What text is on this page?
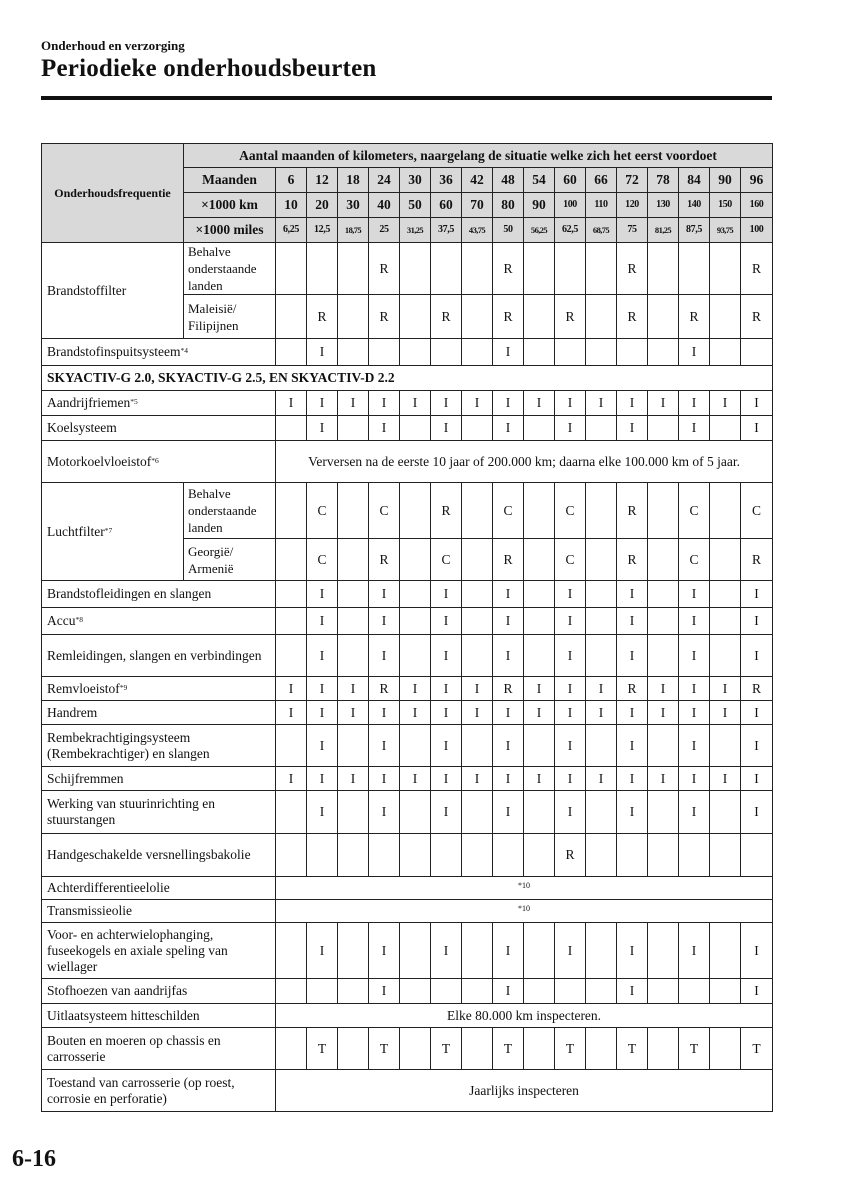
Onderhoud en verzorging
Periodieke onderhoudsbeurten
Onderhoudsfrequentie	Aantal maanden of kilometers, naargelang de situatie welke zich het eerst voordoet																
	Maanden	6	12	18	24	30	36	42	48	54	60	66	72	78	84	90	96
	×1000 km	10	20	30	40	50	60	70	80	90	100	110	120	130	140	150	160
	×1000 miles	6,25	12,5	18,75	25	31,25	37,5	43,75	50	56,25	62,5	68,75	75	81,25	87,5	93,75	100
Brandstoffilter	Behalve onderstaande landen				R				R				R				R
	Maleisië/ Filipijnen		R		R		R		R		R		R		R		R
Brandstofinspuitsysteem$^{*4}$			I						I						I		
SKYACTIV-G 2.0, SKYACTIV-G 2.5, EN SKYACTIV-D 2.2																	
Aandrijfriemen$^{*5}$		I	I	I	I	I	I	I	I	I	I	I	I	I	I	I	I
Koelsysteem			I		I		I		I		I		I		I		I
Motorkoelvloeistof$^{*6}$		Verversen na de eerste 10 jaar of 200.000 km; daarna elke 100.000 km of 5 jaar.															
Luchtfilter$^{*7}$	Behalve onderstaande landen		C		C		R		C		C		R		C		C
	Georgië/ Armenië		C		R		C		R		C		R		C		R
Brandstofleidingen en slangen			I		I		I		I		I		I		I		I
Accu$^{*8}$			I		I		I		I		I		I		I		I
Remleidingen, slangen en verbindingen			I		I		I		I		I		I		I		I
Remvloeistof$^{*9}$		I	I	I	R	I	I	I	R	I	I	I	R	I	I	I	R
Handrem		I	I	I	I	I	I	I	I	I	I	I	I	I	I	I	I
Rembekrachtigingsysteem (Rembekrachtiger) en slangen			I		I		I		I		I		I		I		I
Schijfremmen		I	I	I	I	I	I	I	I	I	I	I	I	I	I	I	I
Werking van stuurinrichting en stuurstangen			I		I		I		I		I		I		I		I
Handgeschakelde versnellingsbakolie											R						
Achterdifferentieelolie		*10															
Transmissieolie		*10															
Voor- en achterwielophanging, fuseekogels en axiale speling van wiellager			I		I		I		I		I		I		I		I
Stofhoezen van aandrijfas					I				I				I				I
Uitlaatsysteem hitteschilden		Elke 80.000 km inspecteren.															
Bouten en moeren op chassis en carrosserie			T		T		T		T		T		T		T		T
Toestand van carrosserie (op roest, corrosie en perforatie)		Jaarlijks inspecteren															
6-16
